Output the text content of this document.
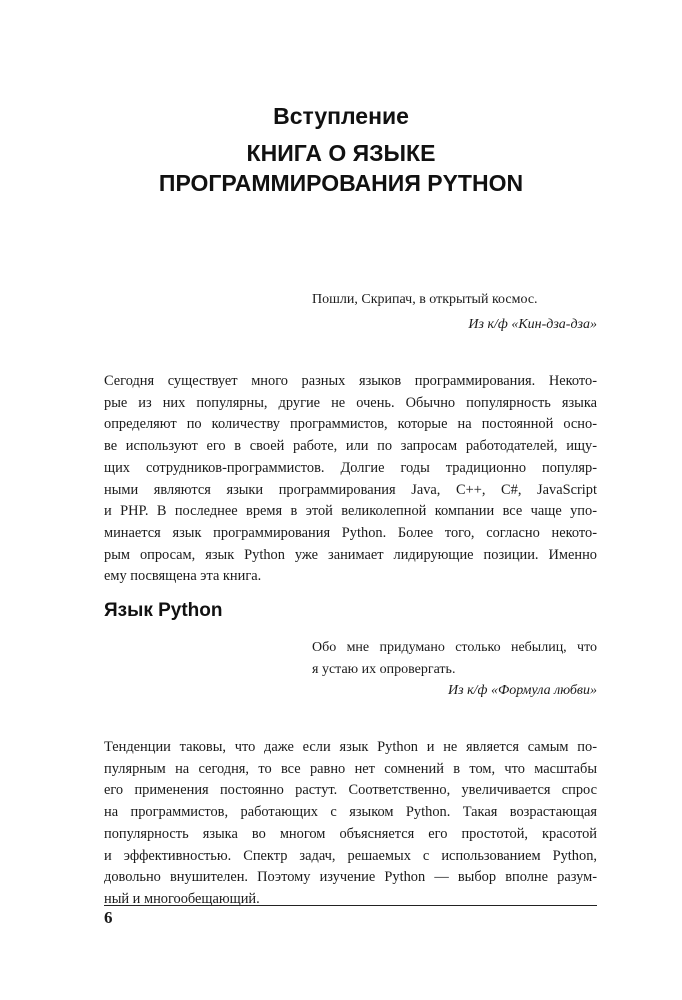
Вступление
КНИГА О ЯЗЫКЕ
ПРОГРАММИРОВАНИЯ PYTHON
Пошли, Скрипач, в открытый космос.
Из к/ф «Кин-дза-дза»
Сегодня существует много разных языков программирования. Некото-
рые из них популярны, другие не очень. Обычно популярность языка
определяют по количеству программистов, которые на постоянной осно-
ве используют его в своей работе, или по запросам работодателей, ищу-
щих сотрудников-программистов. Долгие годы традиционно популяр-
ными являются языки программирования Java, C++, C#, JavaScript
и PHP. В последнее время в этой великолепной компании все чаще упо-
минается язык программирования Python. Более того, согласно некото-
рым опросам, язык Python уже занимает лидирующие позиции. Именно
ему посвящена эта книга.
Язык Python
Обо мне придумано столько небылиц, что
я устаю их опровергать.
Из к/ф «Формула любви»
Тенденции таковы, что даже если язык Python и не является самым по-
пулярным на сегодня, то все равно нет сомнений в том, что масштабы
его применения постоянно растут. Соответственно, увеличивается спрос
на программистов, работающих с языком Python. Такая возрастающая
популярность языка во многом объясняется его простотой, красотой
и эффективностью. Спектр задач, решаемых с использованием Python,
довольно внушителен. Поэтому изучение Python — выбор вполне разум-
ный и многообещающий.
6
